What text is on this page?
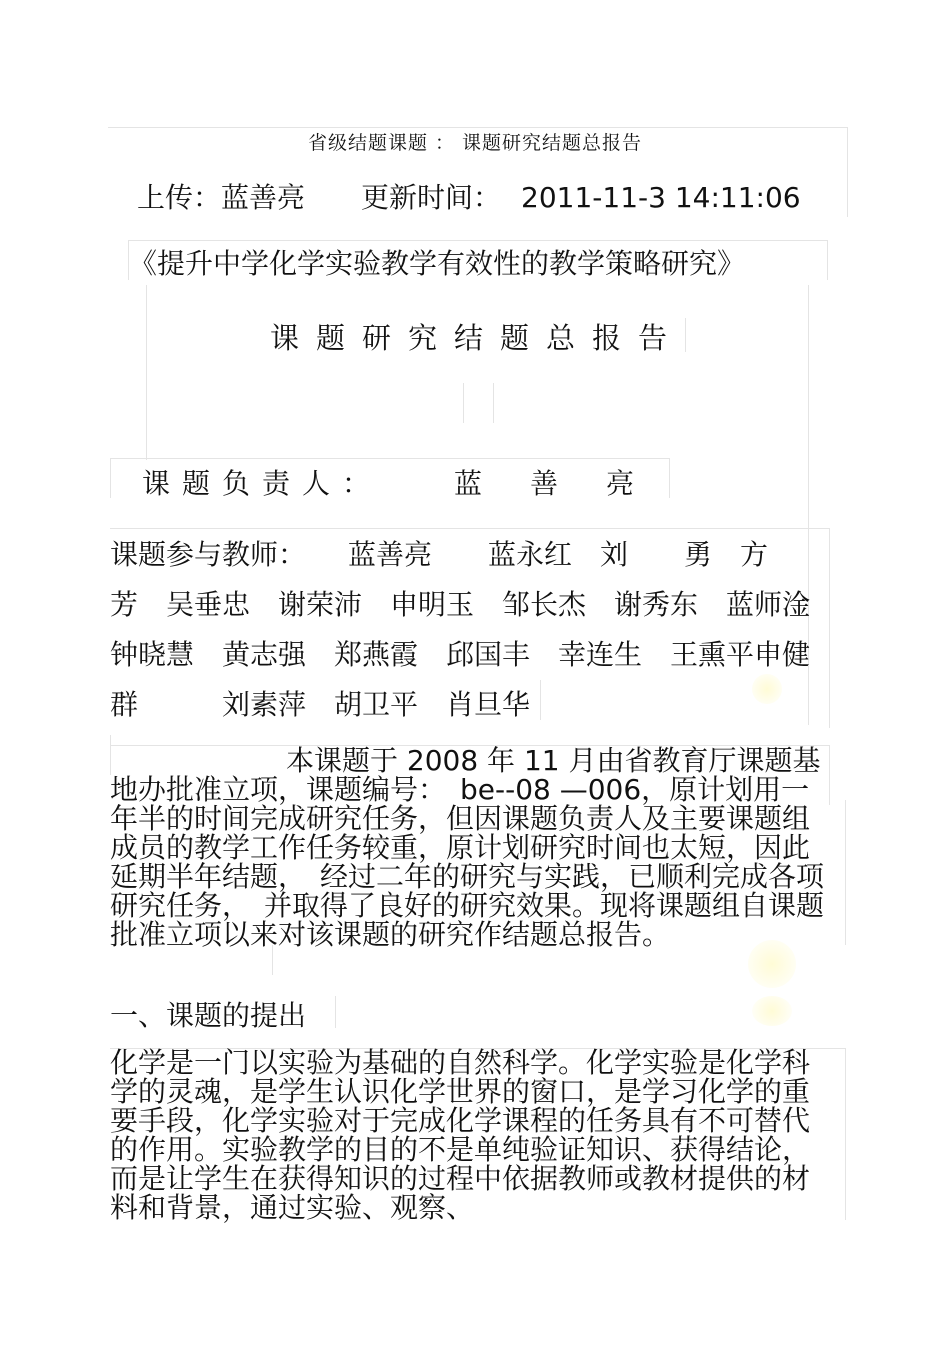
省级结题课题 ： 课题研究结题总报告
上传：蓝善亮 更新时间： 2011-11-3 14:11:06
《提升中学化学实验教学有效性的教学策略研究》
课题研究结题总报告
课题负责人：	蓝善亮
课题参与教师：　　蓝善亮　　蓝永红　刘　　勇　方
芳　吴垂忠　谢荣沛　申明玉　邹长杰　谢秀东　蓝师淦
钟晓慧　黄志强　郑燕霞　邱国丰　幸连生　王熏平申健
群　　　刘素萍　胡卫平　肖旦华
本课题于 2008 年 11 月由省教育厅课题基地办批准立项，课题编号：　be--08 —006，原计划用一年半的时间完成研究任务，但因课题负责人及主要课题组成员的教学工作任务较重，原计划研究时间也太短，因此延期半年结题，　经过二年的研究与实践，已顺利完成各项研究任务，　并取得了良好的研究效果。现将课题组自课题批准立项以来对该课题的研究作结题总报告。
一、课题的提出
化学是一门以实验为基础的自然科学。化学实验是化学科学的灵魂，是学生认识化学世界的窗口，是学习化学的重要手段，化学实验对于完成化学课程的任务具有不可替代的作用。实验教学的目的不是单纯验证知识、获得结论，而是让学生在获得知识的过程中依据教师或教材提供的材料和背景，通过实验、观察、
